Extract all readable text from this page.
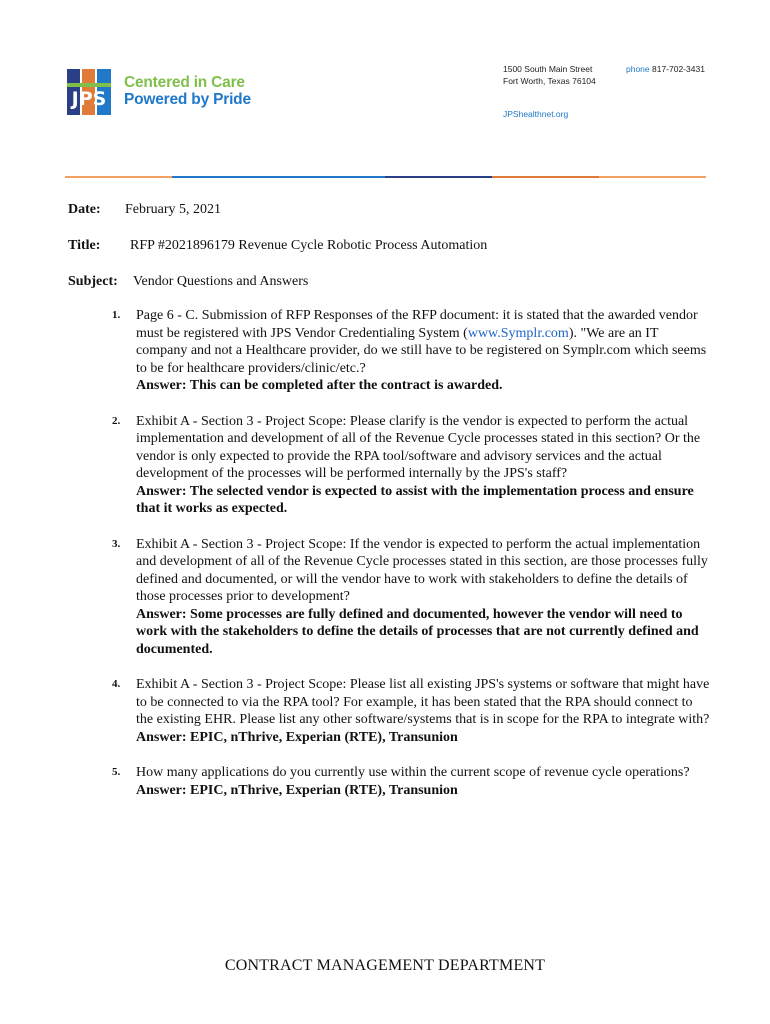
JPS
Centered in Care
Powered by Pride
1500 South Main Street
Fort Worth, Texas 76104
phone 817-702-3431
JPShealthnet.org
Date: February 5, 2021
Title: RFP #2021896179 Revenue Cycle Robotic Process Automation
Subject: Vendor Questions and Answers
1. Page 6 - C. Submission of RFP Responses of the RFP document: it is stated that the awarded vendor must be registered with JPS Vendor Credentialing System (www.Symplr.com). "We are an IT company and not a Healthcare provider, do we still have to be registered on Symplr.com which seems to be for healthcare providers/clinic/etc.?
Answer: This can be completed after the contract is awarded.
2. Exhibit A - Section 3 - Project Scope: Please clarify is the vendor is expected to perform the actual implementation and development of all of the Revenue Cycle processes stated in this section? Or the vendor is only expected to provide the RPA tool/software and advisory services and the actual development of the processes will be performed internally by the JPS's staff?
Answer: The selected vendor is expected to assist with the implementation process and ensure that it works as expected.
3. Exhibit A - Section 3 - Project Scope: If the vendor is expected to perform the actual implementation and development of all of the Revenue Cycle processes stated in this section, are those processes fully defined and documented, or will the vendor have to work with stakeholders to define the details of those processes prior to development?
Answer: Some processes are fully defined and documented, however the vendor will need to work with the stakeholders to define the details of processes that are not currently defined and documented.
4. Exhibit A - Section 3 - Project Scope: Please list all existing JPS's systems or software that might have to be connected to via the RPA tool? For example, it has been stated that the RPA should connect to the existing EHR. Please list any other software/systems that is in scope for the RPA to integrate with?
Answer: EPIC, nThrive, Experian (RTE), Transunion
5. How many applications do you currently use within the current scope of revenue cycle operations?
Answer: EPIC, nThrive, Experian (RTE), Transunion
CONTRACT MANAGEMENT DEPARTMENT
